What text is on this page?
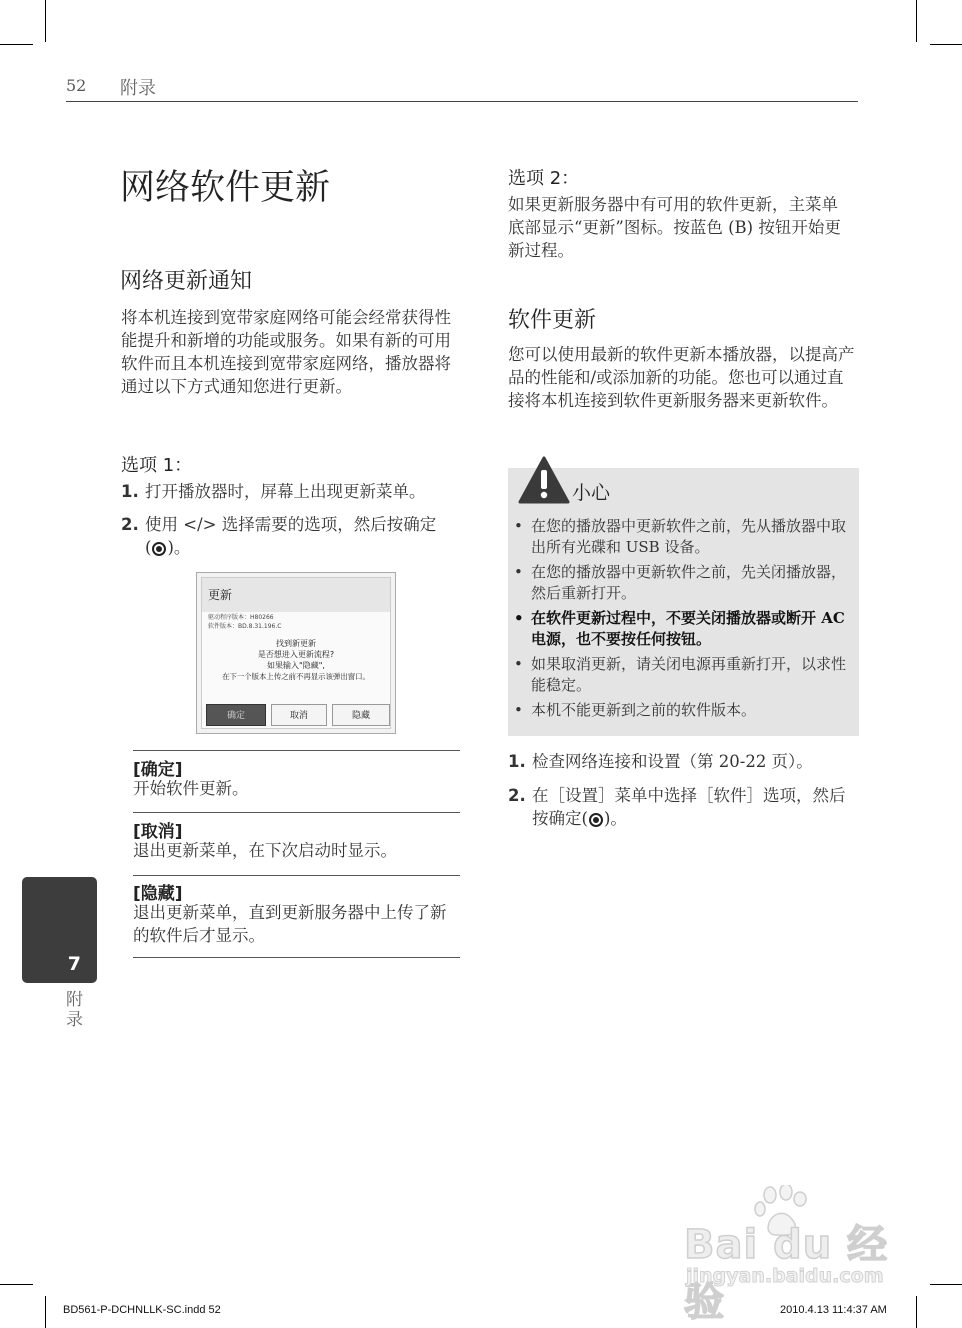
52 附录
网络软件更新
网络更新通知
将本机连接到宽带家庭网络可能会经常获得性能提升和新增的功能或服务。如果有新的可用软件而且本机连接到宽带家庭网络，播放器将通过以下方式通知您进行更新。
选项 1：
1. 打开播放器时，屏幕上出现更新菜单。
2. 使用 </> 选择需要的选项，然后按确定( )。
更新
驱动程序版本：H80266
软件版本：BD.8.31.196.C
找到新更新
是否想进入更新流程?
如果输入"隐藏",
在下一个版本上传之前不再显示该弹出窗口。
确定	取消	隐藏
[确定]
开始软件更新。
[取消]
退出更新菜单，在下次启动时显示。
[隐藏]
退出更新菜单，直到更新服务器中上传了新的软件后才显示。
选项 2：
如果更新服务器中有可用的软件更新，主菜单底部显示“更新”图标。按蓝色 (B) 按钮开始更新过程。
软件更新
您可以使用最新的软件更新本播放器，以提高产品的性能和/或添加新的功能。您也可以通过直接将本机连接到软件更新服务器来更新软件。
小心
• 在您的播放器中更新软件之前，先从播放器中取出所有光碟和 USB 设备。
• 在您的播放器中更新软件之前，先关闭播放器，然后重新打开。
• 在软件更新过程中，不要关闭播放器或断开 AC 电源，也不要按任何按钮。
• 如果取消更新，请关闭电源再重新打开，以求性能稳定。
• 本机不能更新到之前的软件版本。
1. 检查网络连接和设置（第 20-22 页）。
2. 在［设置］菜单中选择［软件］选项，然后按确定( )。
7
附录
Bai du 经验
jingyan.baidu.com
BD561-P-DCHNLLK-SC.indd 52	2010.4.13 11:4:37 AM
